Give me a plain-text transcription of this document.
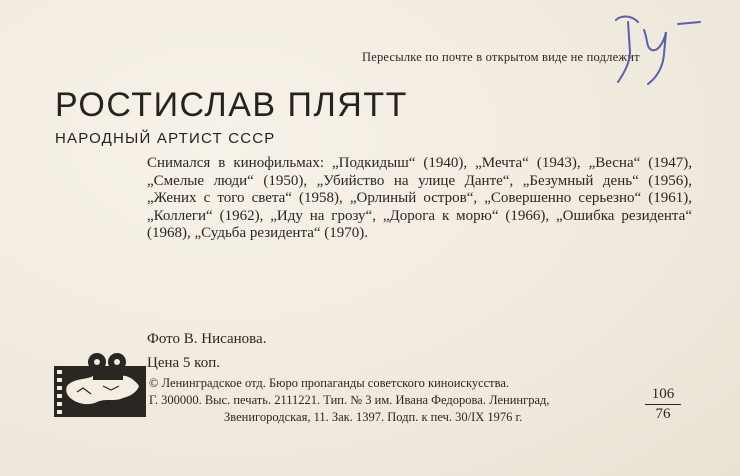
Пересылке по почте в открытом виде не подлежит
РОСТИСЛАВ ПЛЯТТ
НАРОДНЫЙ АРТИСТ СССР
Снимался в кинофильмах: „Подкидыш“ (1940), „Мечта“ (1943), „Весна“ (1947), „Смелые люди“ (1950), „Убийство на улице Данте“, „Безумный день“ (1956), „Жених с того света“ (1958), „Орлиный остров“, „Совершенно серьезно“ (1961), „Коллеги“ (1962), „Иду на грозу“, „Дорога к морю“ (1966), „Ошибка резидента“ (1968), „Судьба резидента“ (1970).
Фото В. Нисанова.
Цена 5 коп.
© Ленинградское отд. Бюро пропаганды советского киноискусства.
Г. 300000. Выс. печать. 2111221. Тип. № 3 им. Ивана Федорова. Ленинград,
Звенигородская, 11. Зак. 1397. Подп. к печ. 30/IX 1976 г.	$\frac{106}{76}$
